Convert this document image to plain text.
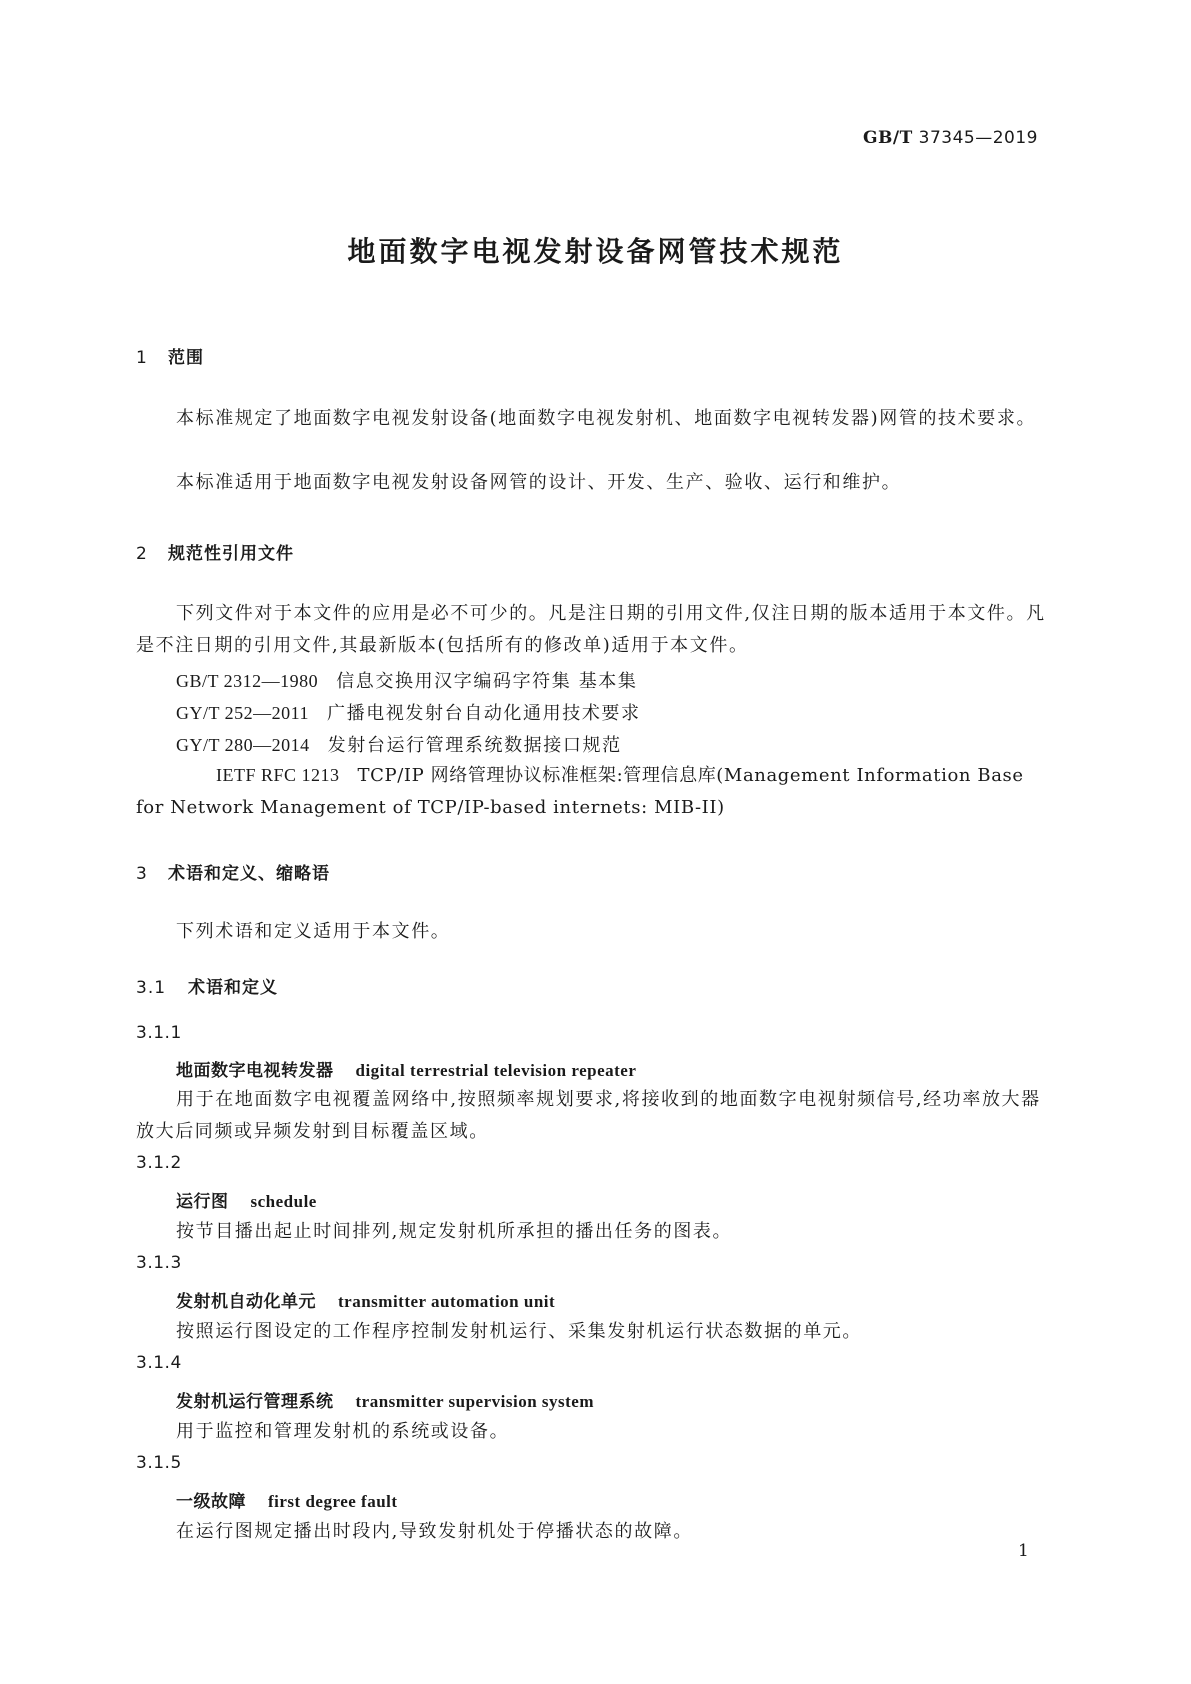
GB/T 37345—2019
地面数字电视发射设备网管技术规范
1 范围
本标准规定了地面数字电视发射设备(地面数字电视发射机、地面数字电视转发器)网管的技术要求。
本标准适用于地面数字电视发射设备网管的设计、开发、生产、验收、运行和维护。
2 规范性引用文件
下列文件对于本文件的应用是必不可少的。凡是注日期的引用文件,仅注日期的版本适用于本文件。凡是不注日期的引用文件,其最新版本(包括所有的修改单)适用于本文件。
GB/T 2312—1980 信息交换用汉字编码字符集 基本集
GY/T 252—2011 广播电视发射台自动化通用技术要求
GY/T 280—2014 发射台运行管理系统数据接口规范
IETF RFC 1213 TCP/IP 网络管理协议标准框架:管理信息库(Management Information Base for Network Management of TCP/IP-based internets: MIB-II)
3 术语和定义、缩略语
下列术语和定义适用于本文件。
3.1 术语和定义
3.1.1
地面数字电视转发器 digital terrestrial television repeater
用于在地面数字电视覆盖网络中,按照频率规划要求,将接收到的地面数字电视射频信号,经功率放大器放大后同频或异频发射到目标覆盖区域。
3.1.2
运行图 schedule
按节目播出起止时间排列,规定发射机所承担的播出任务的图表。
3.1.3
发射机自动化单元 transmitter automation unit
按照运行图设定的工作程序控制发射机运行、采集发射机运行状态数据的单元。
3.1.4
发射机运行管理系统 transmitter supervision system
用于监控和管理发射机的系统或设备。
3.1.5
一级故障 first degree fault
在运行图规定播出时段内,导致发射机处于停播状态的故障。
1
